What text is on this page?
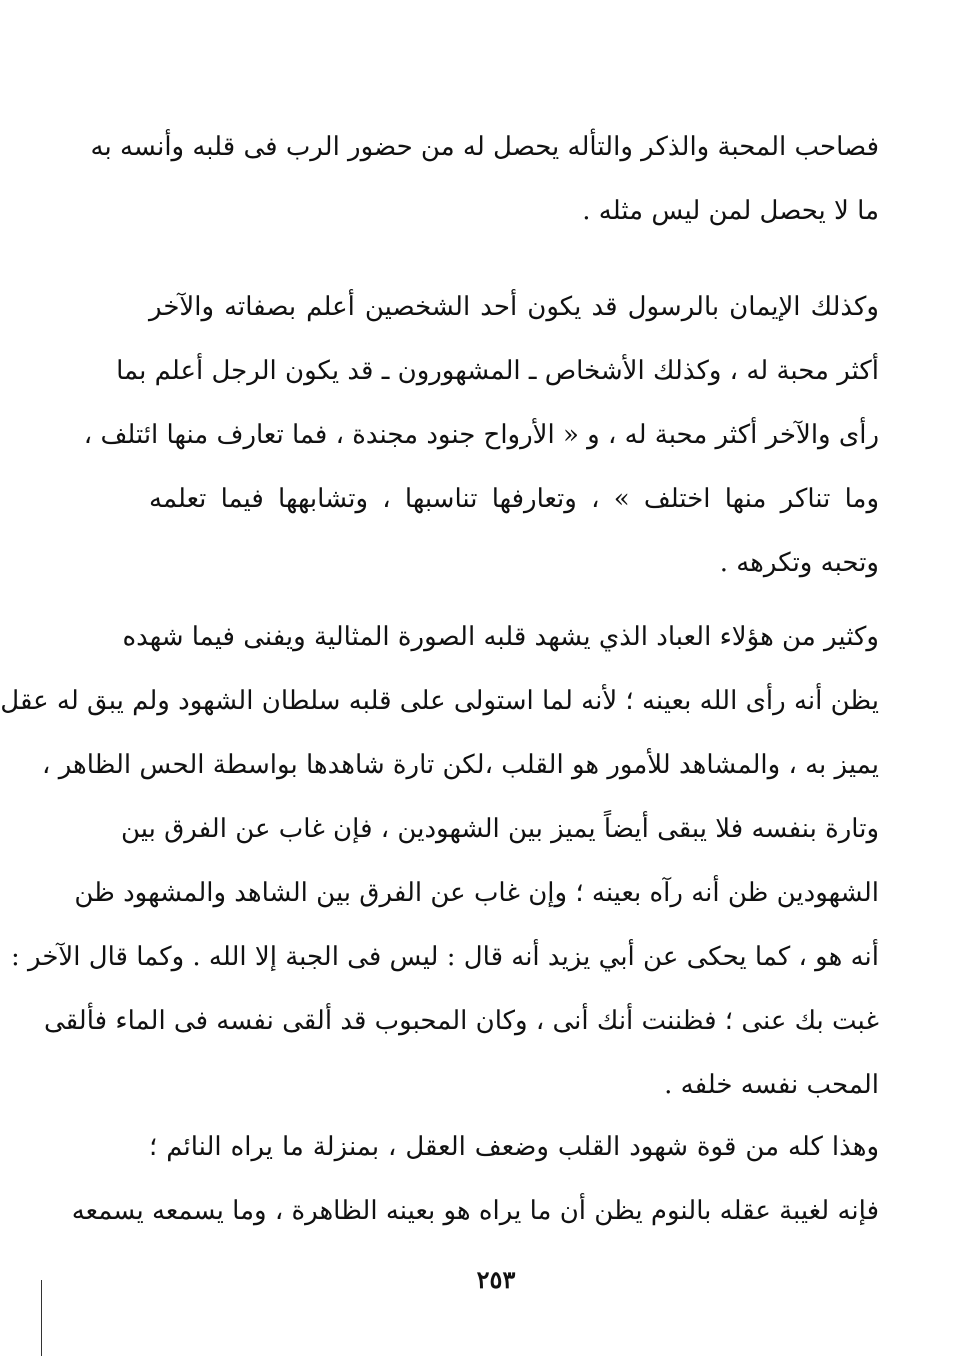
فصاحب المحبة والذكر والتأله يحصل له من حضور الرب فى قلبه وأنسه به
ما لا يحصل لمن ليس مثله .
وكذلك الإيمان بالرسول قد يكون أحد الشخصين أعلم بصفاته والآخر
أكثر محبة له ، وكذلك الأشخاص ـ المشهورون ـ قد يكون الرجل أعلم بما
رأى والآخر أكثر محبة له ، و « الأرواح جنود مجندة ، فما تعارف منها ائتلف ،
وما تناكر منها اختلف » ، وتعارفها تناسبها ، وتشابهها فيما تعلمه
وتحبه وتكرهه .
وكثير من هؤلاء العباد الذي يشهد قلبه الصورة المثالية ويفنى فيما شهده
يظن أنه رأى الله بعينه ؛ لأنه لما استولى على قلبه سلطان الشهود ولم يبق له عقل
يميز به ، والمشاهد للأمور هو القلب ،لكن تارة شاهدها بواسطة الحس الظاهر ،
وتارة بنفسه فلا يبقى أيضاً يميز بين الشهودين ، فإن غاب عن الفرق بين
الشهودين ظن أنه رآه بعينه ؛ وإن غاب عن الفرق بين الشاهد والمشهود ظن
أنه هو ، كما يحكى عن أبي يزيد أنه قال : ليس فى الجبة إلا الله . وكما قال الآخر :
غبت بك عنى ؛ فظننت أنك أنى ، وكان المحبوب قد ألقى نفسه فى الماء فألقى
المحب نفسه خلفه .
وهذا كله من قوة شهود القلب وضعف العقل ، بمنزلة ما يراه النائم ؛
فإنه لغيبة عقله بالنوم يظن أن ما يراه هو بعينه الظاهرة ، وما يسمعه يسمعه
٢٥٣
